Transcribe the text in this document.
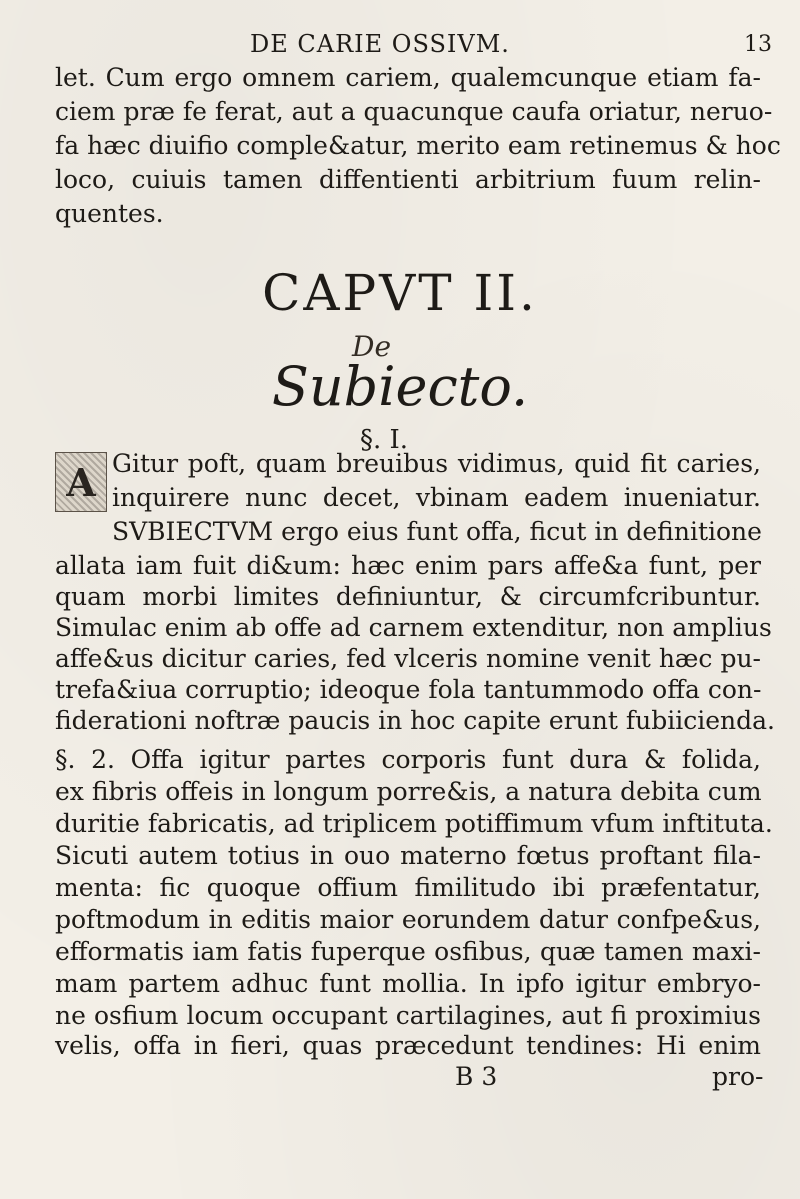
DE CARIE OSSIVM.	13
let. Cum ergo omnem cariem, qualemcunque etiam fa-
ciem præ fe ferat, aut a quacunque caufa oriatur, neruo-
fa hæc diuifio comple&atur, merito eam retinemus & hoc
loco, cuiuis tamen diffentienti arbitrium fuum relin-
quentes.
CAPVT II.
De
Subiecto.
§. I.
A Gitur poft, quam breuibus vidimus, quid fit caries,
inquirere nunc decet, vbinam eadem inueniatur.
SVBIECTVM ergo eius funt offa, ficut in definitione
allata iam fuit di&um: hæc enim pars affe&a funt, per
quam morbi limites definiuntur, & circumfcribuntur.
Simulac enim ab offe ad carnem extenditur, non amplius
affe&us dicitur caries, fed vlceris nomine venit hæc pu-
trefa&iua corruptio; ideoque fola tantummodo offa con-
fiderationi noftræ paucis in hoc capite erunt fubiicienda.
§. 2. Offa igitur partes corporis funt dura & folida,
ex fibris offeis in longum porre&is, a natura debita cum
duritie fabricatis, ad triplicem potiffimum vfum inftituta.
Sicuti autem totius in ouo materno fœtus proftant fila-
menta: fic quoque offium fimilitudo ibi præfentatur,
poftmodum in editis maior eorundem datur confpe&us,
efformatis iam fatis fuperque osfibus, quæ tamen maxi-
mam partem adhuc funt mollia. In ipfo igitur embryo-
ne osfium locum occupant cartilagines, aut fi proximius
velis, offa in fieri, quas præcedunt tendines: Hi enim
B 3	pro-
